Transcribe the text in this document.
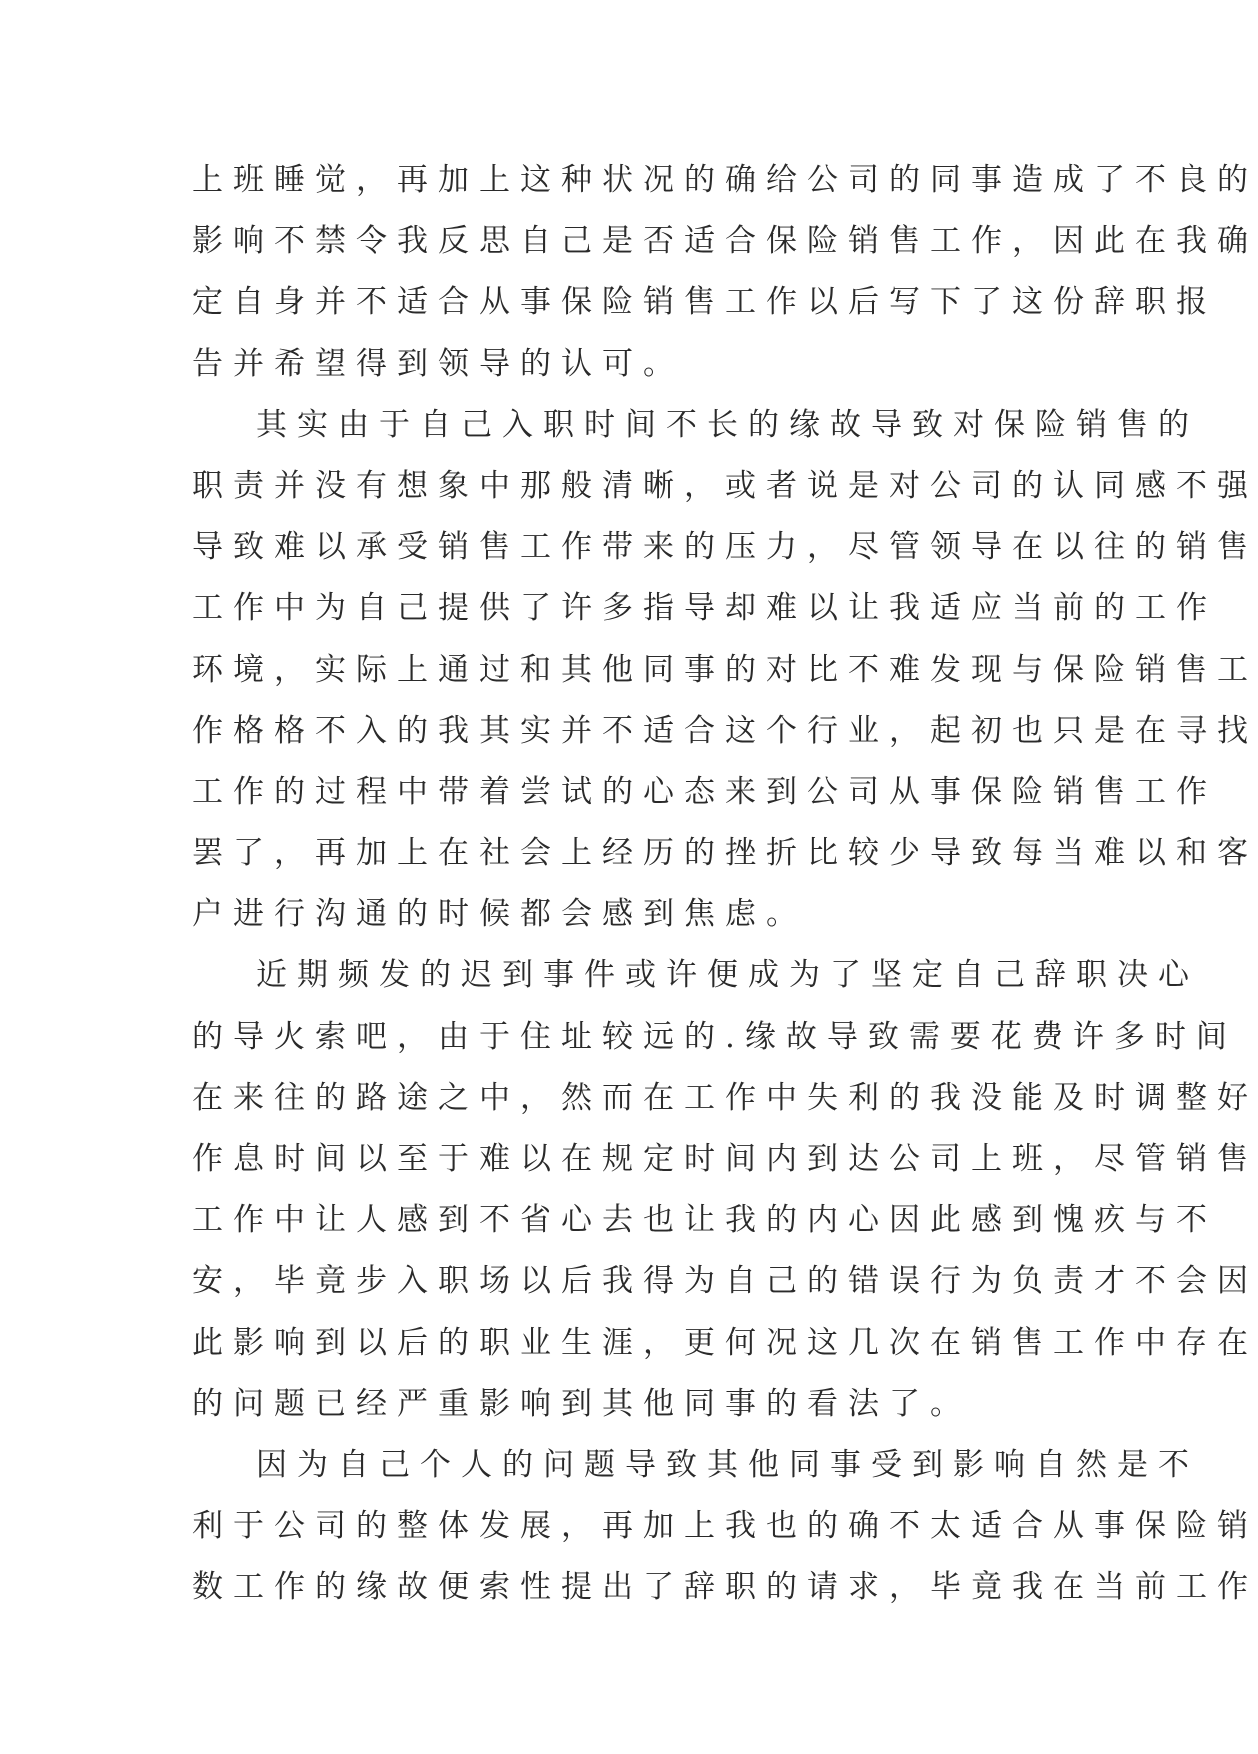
上班睡觉，再加上这种状况的确给公司的同事造成了不良的
影响不禁令我反思自己是否适合保险销售工作，因此在我确
定自身并不适合从事保险销售工作以后写下了这份辞职报
告并希望得到领导的认可。
其实由于自己入职时间不长的缘故导致对保险销售的
职责并没有想象中那般清晰，或者说是对公司的认同感不强
导致难以承受销售工作带来的压力，尽管领导在以往的销售
工作中为自己提供了许多指导却难以让我适应当前的工作
环境，实际上通过和其他同事的对比不难发现与保险销售工
作格格不入的我其实并不适合这个行业，起初也只是在寻找
工作的过程中带着尝试的心态来到公司从事保险销售工作
罢了，再加上在社会上经历的挫折比较少导致每当难以和客
户进行沟通的时候都会感到焦虑。
近期频发的迟到事件或许便成为了坚定自己辞职决心
的导火索吧，由于住址较远的.缘故导致需要花费许多时间
在来往的路途之中，然而在工作中失利的我没能及时调整好
作息时间以至于难以在规定时间内到达公司上班，尽管销售
工作中让人感到不省心去也让我的内心因此感到愧疚与不
安，毕竟步入职场以后我得为自己的错误行为负责才不会因
此影响到以后的职业生涯，更何况这几次在销售工作中存在
的问题已经严重影响到其他同事的看法了。
因为自己个人的问题导致其他同事受到影响自然是不
利于公司的整体发展，再加上我也的确不太适合从事保险销
数工作的缘故便索性提出了辞职的请求，毕竟我在当前工作
